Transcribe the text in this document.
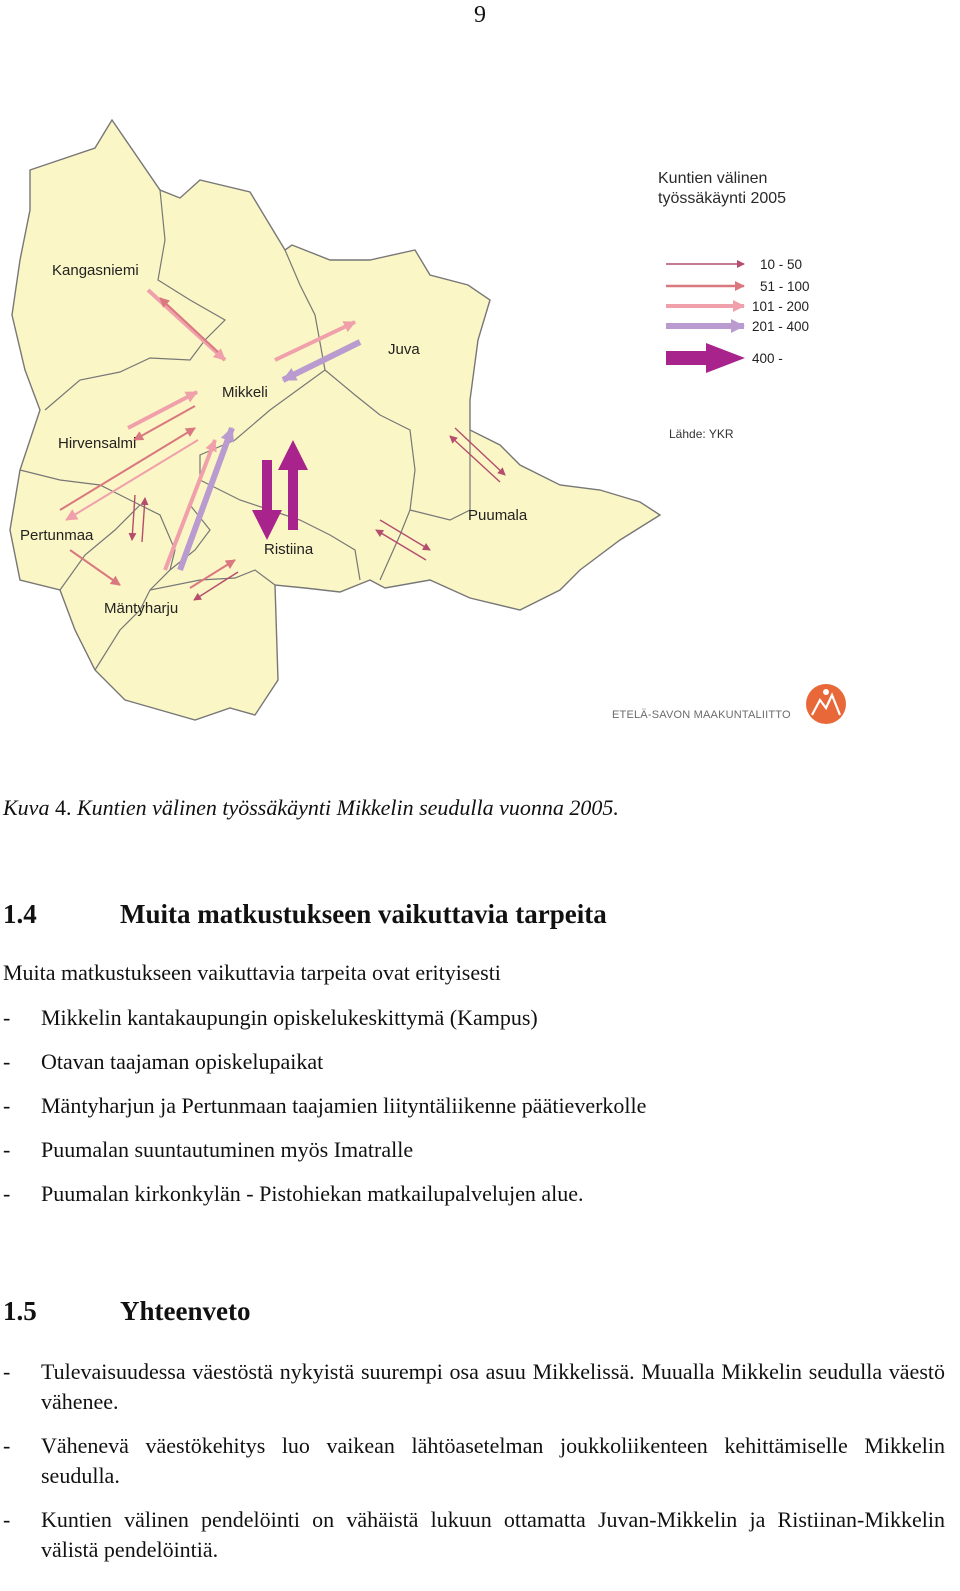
9
Kangasniemi
Juva
Mikkeli
Hirvensalmi
Puumala
Pertunmaa
Ristiina
Mäntyharju
Kuntien välinen
työssäkäynti 2005
10 - 50
51 - 100
101 - 200
201 - 400
400 -
Lähde: YKR
ETELÄ-SAVON MAAKUNTALIITTO
Kuva 4. Kuntien välinen työssäkäynti Mikkelin seudulla vuonna 2005.
1.4	Muita matkustukseen vaikuttavia tarpeita

Muita matkustukseen vaikuttavia tarpeita ovat erityisesti

-	Mikkelin kantakaupungin opiskelukeskittymä (Kampus)
-	Otavan taajaman opiskelupaikat
-	Mäntyharjun ja Pertunmaan taajamien liityntäliikenne päätieverkolle
-	Puumalan suuntautuminen myös Imatralle
-	Puumalan kirkonkylän - Pistohiekan matkailupalvelujen alue.
1.5	Yhteenveto
-	Tulevaisuudessa väestöstä nykyistä suurempi osa asuu Mikkelissä. Muualla Mikkelin seudulla väestö vähenee.
-	Vähenevä väestökehitys luo vaikean lähtöasetelman joukkoliikenteen kehittämiselle Mikkelin seudulla.
-	Kuntien välinen pendelöinti on vähäistä lukuun ottamatta Juvan-Mikkelin ja Ristiinan-Mikkelin välistä pendelöintiä.
